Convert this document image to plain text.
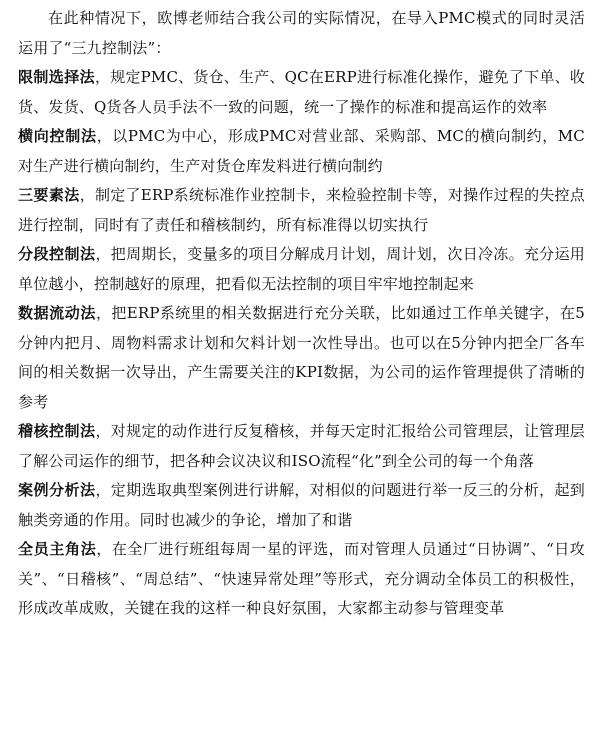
在此种情况下，欧博老师结合我公司的实际情况，在导入PMC模式的同时灵活运用了“三九控制法”：

限制选择法，规定PMC、货仓、生产、QC在ERP进行标准化操作，避免了下单、收货、发货、Q货各人员手法不一致的问题，统一了操作的标准和提高运作的效率

横向控制法，以PMC为中心，形成PMC对营业部、采购部、MC的横向制约，MC对生产进行横向制约，生产对货仓库发料进行横向制约

三要素法，制定了ERP系统标准作业控制卡，来检验控制卡等，对操作过程的失控点进行控制，同时有了责任和稽核制约，所有标准得以切实执行

分段控制法，把周期长，变量多的项目分解成月计划，周计划，次日冷冻。充分运用单位越小，控制越好的原理，把看似无法控制的项目牢牢地控制起来

数据流动法，把ERP系统里的相关数据进行充分关联，比如通过工作单关键字，在5分钟内把月、周物料需求计划和欠料计划一次性导出。也可以在5分钟内把全厂各车间的相关数据一次导出，产生需要关注的KPI数据，为公司的运作管理提供了清晰的参考

稽核控制法，对规定的动作进行反复稽核，并每天定时汇报给公司管理层，让管理层了解公司运作的细节，把各种会议决议和ISO流程“化”到全公司的每一个角落

案例分析法，定期选取典型案例进行讲解，对相似的问题进行举一反三的分析，起到触类旁通的作用。同时也减少的争论，增加了和谐

全员主角法，在全厂进行班组每周一星的评选，而对管理人员通过“日协调”、“日攻关”、“日稽核”、“周总结”、“快速异常处理”等形式，充分调动全体员工的积极性，形成改革成败，关键在我的这样一种良好氛围，大家都主动参与管理变革
